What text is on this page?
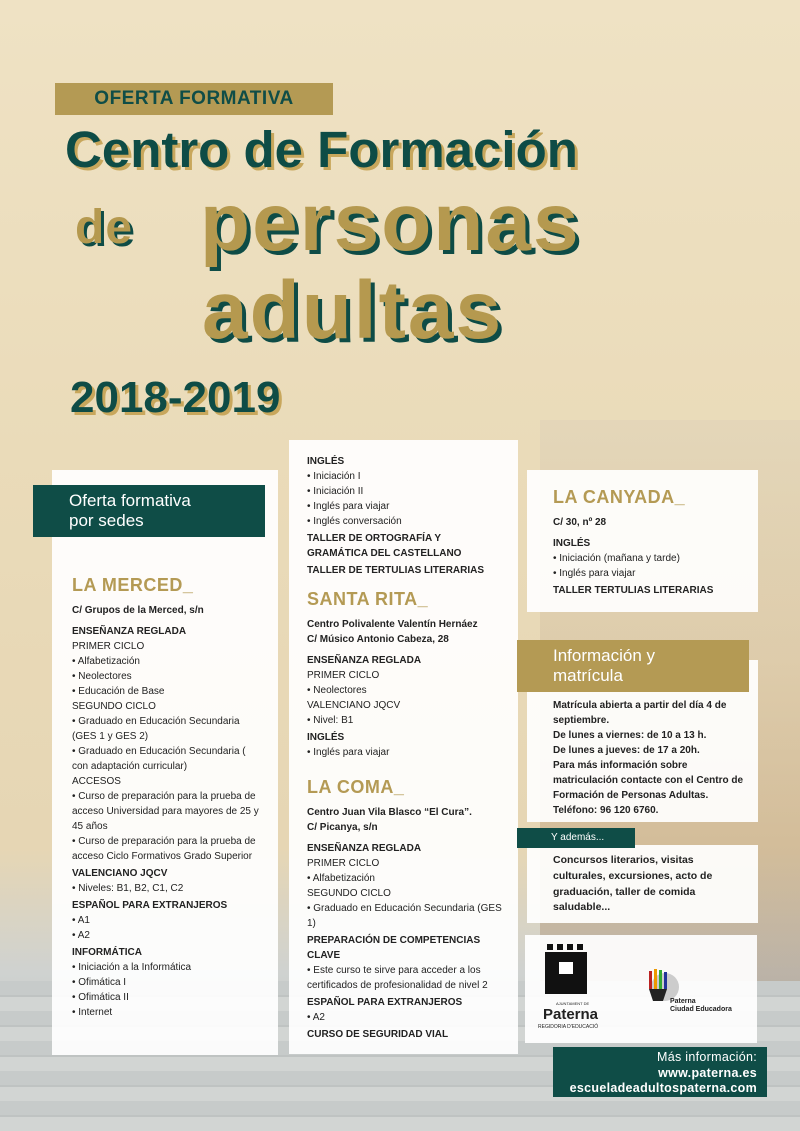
OFERTA FORMATIVA
Centro de Formación
de personas
adultas
2018-2019
LA MERCED_
C/ Grupos de la Merced, s/n
ENSEÑANZA REGLADA
PRIMER CICLO
• Alfabetización
• Neolectores
• Educación de Base
SEGUNDO CICLO
• Graduado en Educación Secundaria (GES 1 y GES 2)
• Graduado en Educación Secundaria ( con adaptación curricular)
ACCESOS
• Curso de preparación para la prueba de acceso Universidad para mayores de 25 y 45 años
• Curso de preparación para la prueba de acceso Ciclo Formativos Grado Superior
VALENCIANO JQCV
• Niveles: B1, B2, C1, C2
ESPAÑOL PARA EXTRANJEROS
• A1
• A2
INFORMÁTICA
• Iniciación a la Informática
• Ofimática I
• Ofimática II
• Internet
Oferta formativa
por sedes
INGLÉS
• Iniciación I
• Iniciación II
• Inglés para viajar
• Inglés conversación
TALLER DE ORTOGRAFÍA Y GRAMÁTICA DEL CASTELLANO
TALLER DE TERTULIAS LITERARIAS
SANTA RITA_
Centro Polivalente Valentín Hernáez
C/ Músico Antonio Cabeza, 28
ENSEÑANZA REGLADA
PRIMER CICLO
• Neolectores
VALENCIANO JQCV
• Nivel: B1
INGLÉS
• Inglés para viajar
LA COMA_
Centro Juan Vila Blasco “El Cura”.
C/ Picanya, s/n
ENSEÑANZA REGLADA
PRIMER CICLO
• Alfabetización
SEGUNDO CICLO
• Graduado en Educación Secundaria (GES 1)
PREPARACIÓN DE COMPETENCIAS CLAVE
• Este curso te sirve para acceder a los certificados de profesionalidad de nivel 2
ESPAÑOL PARA EXTRANJEROS
• A2
CURSO DE SEGURIDAD VIAL
LA CANYADA_
C/ 30, nº 28
INGLÉS
• Iniciación (mañana y tarde)
• Inglés para viajar
TALLER TERTULIAS LITERARIAS
Matrícula abierta a partir del día 4 de septiembre.
De lunes a viernes: de 10 a 13 h.
De lunes a jueves: de 17 a 20h.
Para más información sobre matriculación contacte con el Centro de Formación de Personas Adultas.
Teléfono: 96 120 6760.
Información y
matrícula
Concursos literarios, visitas culturales, excursiones, acto de graduación, taller de comida saludable...
Y además...
AJUNTAMENT DE
Paterna
REGIDORIA D'EDUCACIÓ
Paterna
Ciudad Educadora
Más información:
www.paterna.es
escueladeadultospaterna.com
